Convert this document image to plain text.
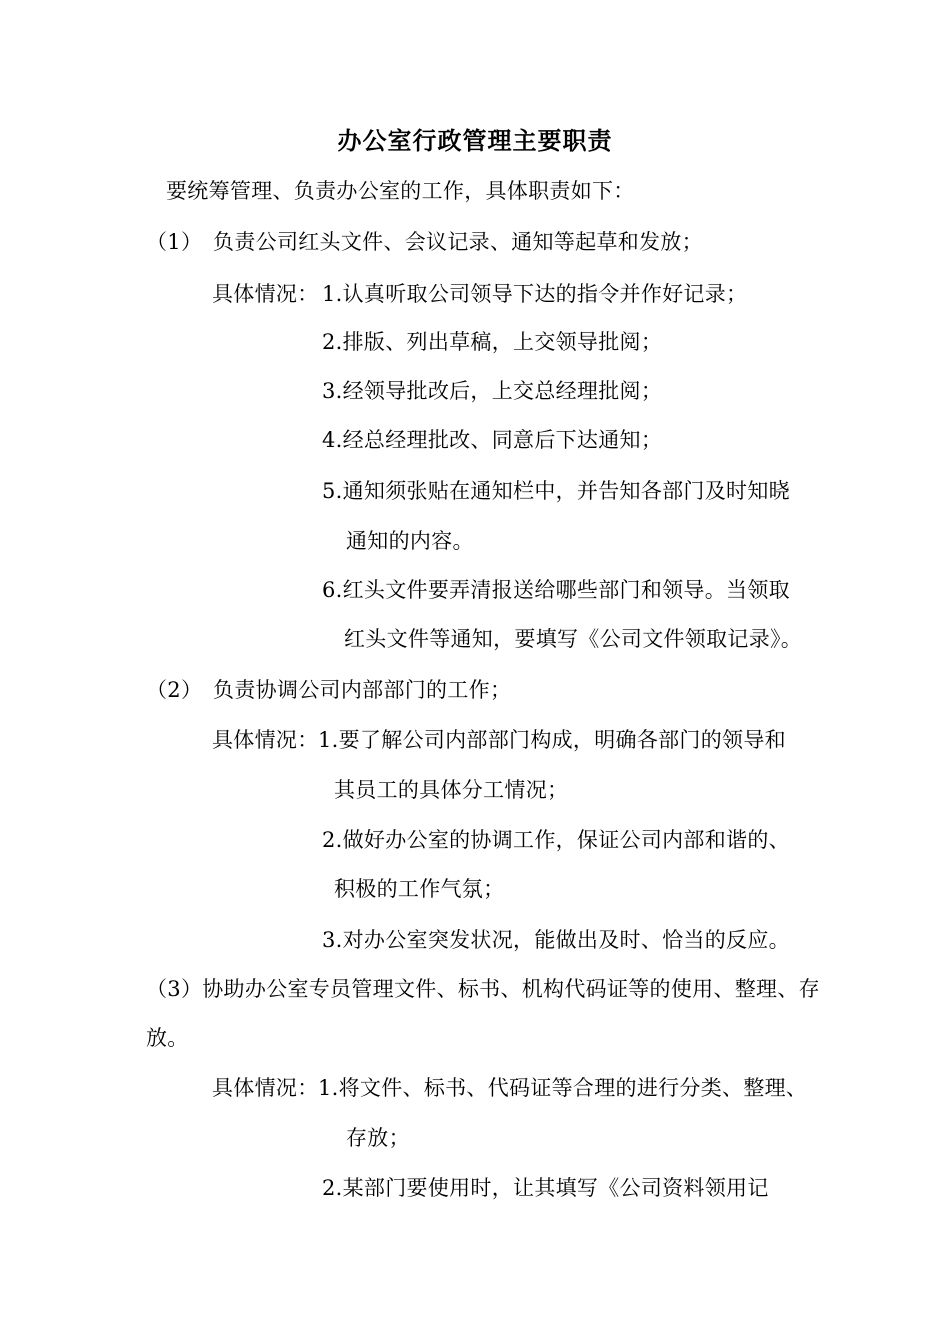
办公室行政管理主要职责
要统筹管理、负责办公室的工作，具体职责如下：
（1）　负责公司红头文件、会议记录、通知等起草和发放；
具体情况： 1.认真听取公司领导下达的指令并作好记录；
2.排版、列出草稿，上交领导批阅；
3.经领导批改后，上交总经理批阅；
4.经总经理批改、同意后下达通知；
5.通知须张贴在通知栏中，并告知各部门及时知晓
通知的内容。
6.红头文件要弄清报送给哪些部门和领导。当领取
红头文件等通知，要填写《公司文件领取记录》。
（2）　负责协调公司内部部门的工作；
具体情况： 1.要了解公司内部部门构成，明确各部门的领导和
其员工的具体分工情况；
2.做好办公室的协调工作，保证公司内部和谐的、
积极的工作气氛；
3.对办公室突发状况，能做出及时、恰当的反应。
（3）协助办公室专员管理文件、标书、机构代码证等的使用、整理、存
放。
具体情况： 1.将文件、标书、代码证等合理的进行分类、整理、
存放；
2.某部门要使用时，让其填写《公司资料领用记
